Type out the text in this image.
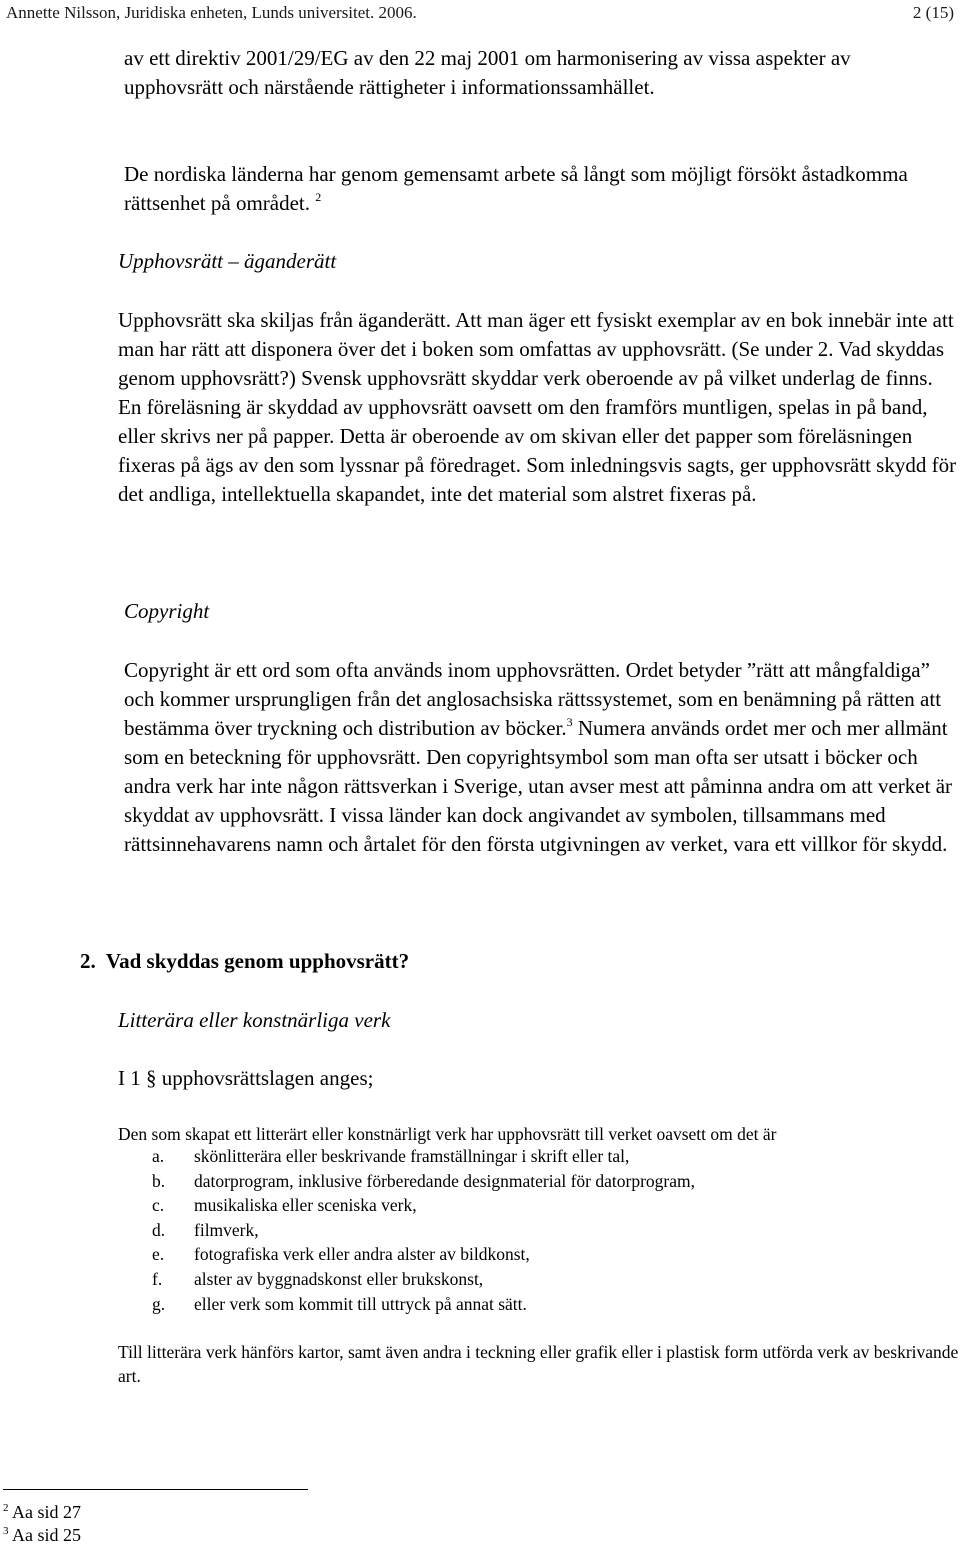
Annette Nilsson, Juridiska enheten, Lunds universitet. 2006.	2 (15)

av ett direktiv 2001/29/EG av den 22 maj 2001 om harmonisering av vissa aspekter av upphovsrätt och närstående rättigheter i informationssamhället.

De nordiska länderna har genom gemensamt arbete så långt som möjligt försökt åstadkomma rättsenhet på området. $^2$

Upphovsrätt – äganderätt

Upphovsrätt ska skiljas från äganderätt. Att man äger ett fysiskt exemplar av en bok innebär inte att man har rätt att disponera över det i boken som omfattas av upphovsrätt. (Se under 2. Vad skyddas genom upphovsrätt?) Svensk upphovsrätt skyddar verk oberoende av på vilket underlag de finns. En föreläsning är skyddad av upphovsrätt oavsett om den framförs muntligen, spelas in på band, eller skrivs ner på papper. Detta är oberoende av om skivan eller det papper som föreläsningen fixeras på ägs av den som lyssnar på föredraget. Som inledningsvis sagts, ger upphovsrätt skydd för det andliga, intellektuella skapandet, inte det material som alstret fixeras på.

Copyright

Copyright är ett ord som ofta används inom upphovsrätten. Ordet betyder ”rätt att mångfaldiga” och kommer ursprungligen från det anglosachsiska rättssystemet, som en benämning på rätten att bestämma över tryckning och distribution av böcker.$^3$ Numera används ordet mer och mer allmänt som en beteckning för upphovsrätt. Den copyrightsymbol som man ofta ser utsatt i böcker och andra verk har inte någon rättsverkan i Sverige, utan avser mest att påminna andra om att verket är skyddat av upphovsrätt. I vissa länder kan dock angivandet av symbolen, tillsammans med rättsinnehavarens namn och årtalet för den första utgivningen av verket, vara ett villkor för skydd.

2. Vad skyddas genom upphovsrätt?

Litterära eller konstnärliga verk

I 1 § upphovsrättslagen anges;

Den som skapat ett litterärt eller konstnärligt verk har upphovsrätt till verket oavsett om det är

a. skönlitterära eller beskrivande framställningar i skrift eller tal,
b. datorprogram, inklusive förberedande designmaterial för datorprogram,
c. musikaliska eller sceniska verk,
d. filmverk,
e. fotografiska verk eller andra alster av bildkonst,
f. alster av byggnadskonst eller brukskonst,
g. eller verk som kommit till uttryck på annat sätt.

Till litterära verk hänförs kartor, samt även andra i teckning eller grafik eller i plastisk form utförda verk av beskrivande art.

$^2$ Aa sid 27
$^3$ Aa sid 25
